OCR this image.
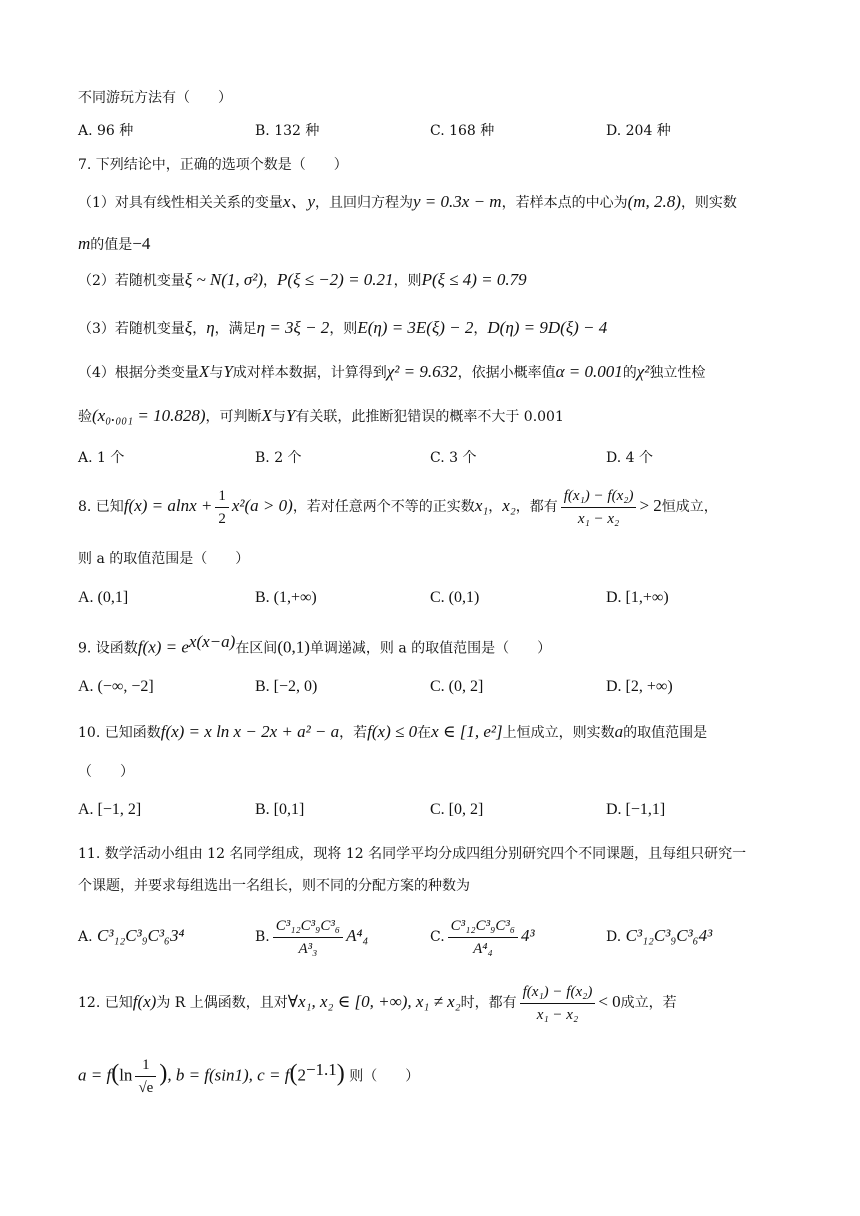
不同游玩方法有（　　）
A. 96 种	B. 132 种	C. 168 种	D. 204 种
7. 下列结论中，正确的选项个数是（　　）
（1）对具有线性相关关系的变量x、y，且回归方程为y = 0.3x − m，若样本点的中心为(m, 2.8)，则实数
m的值是−4
（2）若随机变量ξ ~ N(1, σ²)，P(ξ ≤ −2) = 0.21，则P(ξ ≤ 4) = 0.79
（3）若随机变量ξ，η，满足η = 3ξ − 2，则E(η) = 3E(ξ) − 2，D(η) = 9D(ξ) − 4
（4）根据分类变量X与Y成对样本数据，计算得到χ² = 9.632，依据小概率值α = 0.001的χ²独立性检
验(x₀.₀₀₁ = 10.828)，可判断X与Y有关联，此推断犯错误的概率不大于 0.001
A. 1 个	B. 2 个	C. 3 个	D. 4 个
8. 已知$f(x) = alnx + \frac{1}{2} x^2(a > 0)$，若对任意两个不等的正实数x₁，x₂，都有 $\frac{\text{f(x₁) − f(x₂)}}{\text{x₁ − x₂}} > 2$恒成立，
则 a 的取值范围是（　　）
A. (0,1]	B. (1,+∞)	C. (0,1)	D. [1,+∞)
9. 设函数$f(x) = e^{x(x-a)}$在区间(0,1)单调递减，则 a 的取值范围是（　　）
A. (−∞, −2]	B. [−2, 0)	C. (0, 2]	D. [2, +∞)
10. 已知函数f(x) = x ln x − 2x + a² − a，若f(x) ≤ 0在x ∈ [1, e²]上恒成立，则实数a的取值范围是
（　　）
A. [−1, 2]	B. [0,1]	C. [0, 2]	D. [−1,1]
11. 数学活动小组由 12 名同学组成，现将 12 名同学平均分成四组分别研究四个不同课题，且每组只研究一
个课题，并要求每组选出一名组长，则不同的分配方案的种数为
A. C³₁₂C³₉C³₆3⁴	B. $\frac{\text{C³₁₂C³₉C³₆}}{\text{A³₃}} A^4_4$	C. $\frac{\text{C³₁₂C³₉C³₆}}{\text{A⁴₄}} 4^3$	D. C³₁₂C³₉C³₆4³
12. 已知f(x)为 R 上偶函数，且对∀x₁, x₂ ∈ [0, +∞), x₁ ≠ x₂时，都有 $\frac{\text{f(x₁) − f(x₂)}}{\text{x₁ − x₂}} < 0$成立，若
$a = f(\ln \frac{1}{√e}$ ), b = f(sin1), $c = f(2^{-1.1})$ 则（　　）
